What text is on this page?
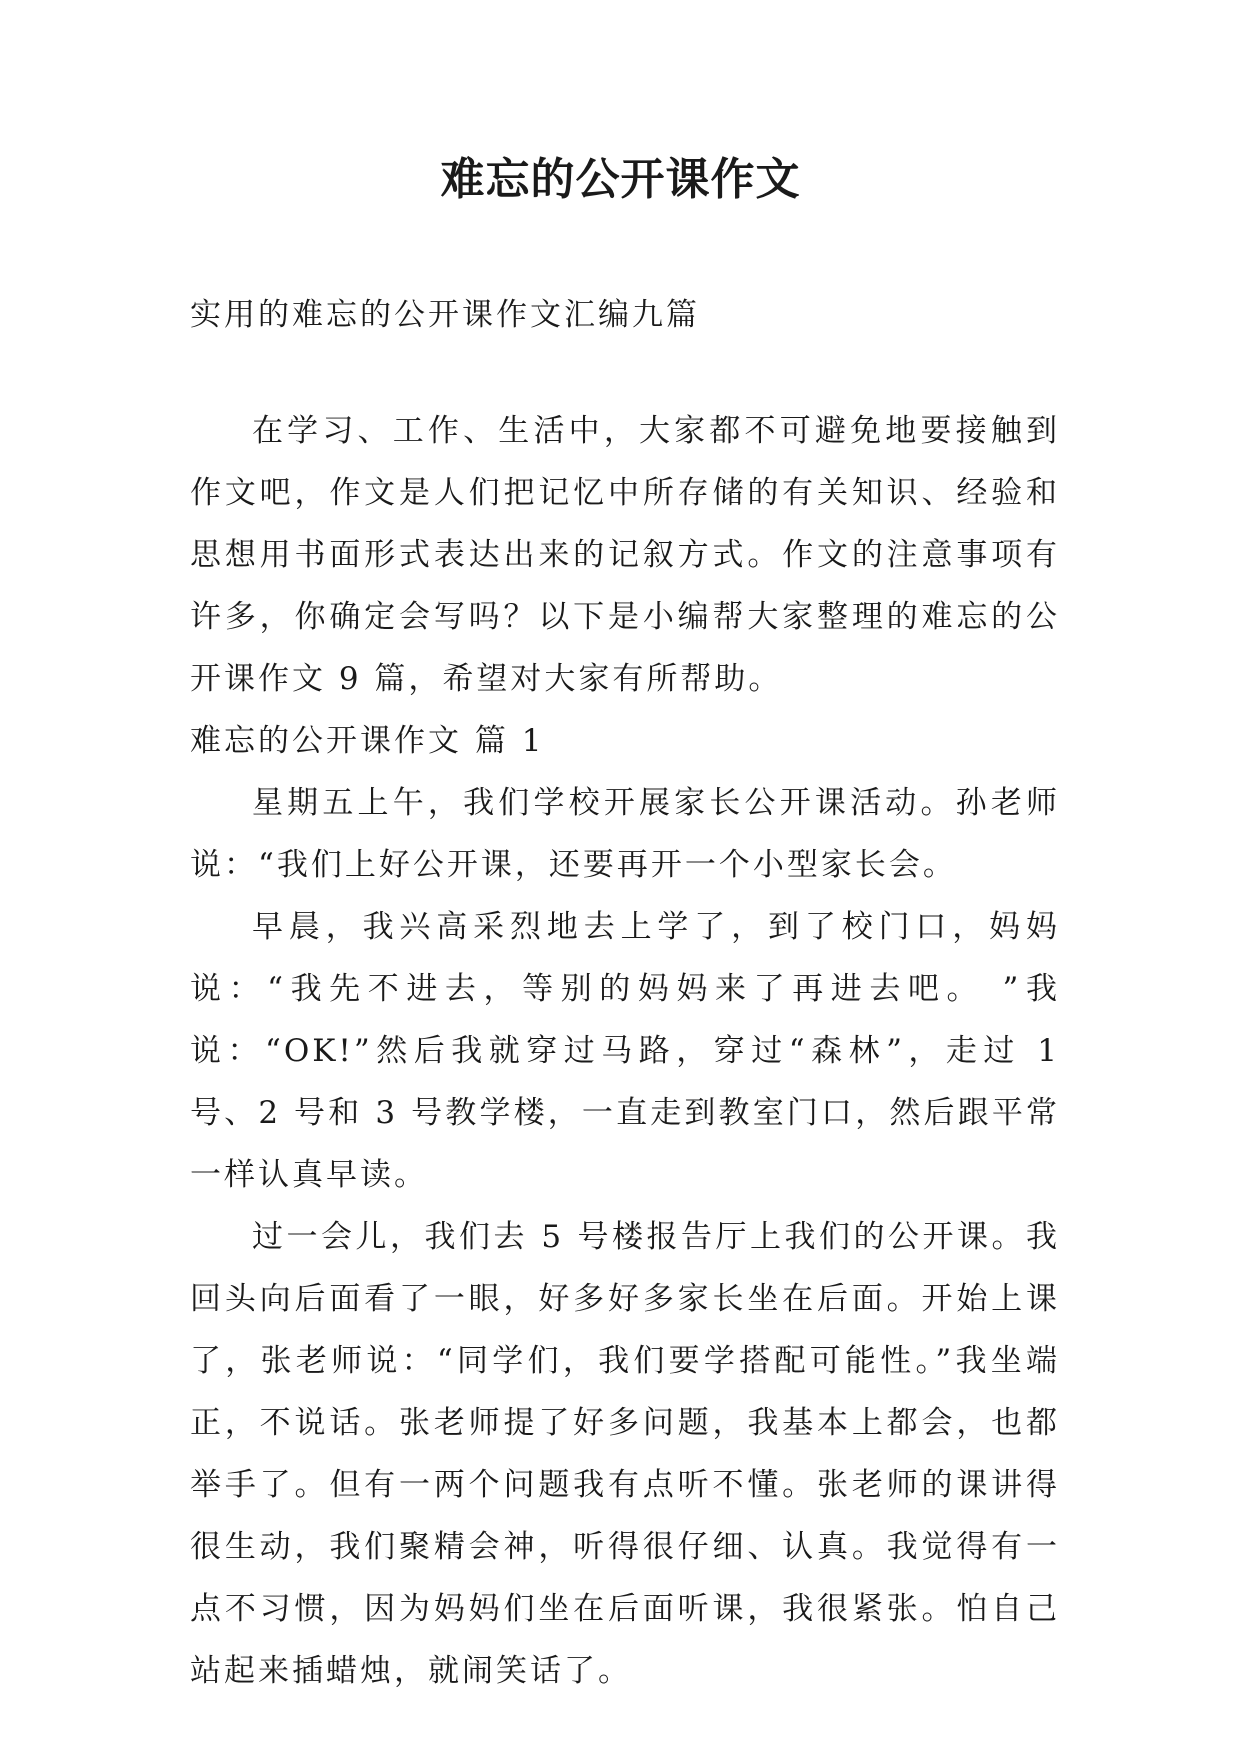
难忘的公开课作文
实用的难忘的公开课作文汇编九篇

在学习、工作、生活中，大家都不可避免地要接触到作文吧，作文是人们把记忆中所存储的有关知识、经验和思想用书面形式表达出来的记叙方式。作文的注意事项有许多，你确定会写吗？以下是小编帮大家整理的难忘的公开课作文 9 篇，希望对大家有所帮助。

难忘的公开课作文 篇 1

星期五上午，我们学校开展家长公开课活动。孙老师说：“我们上好公开课，还要再开一个小型家长会。

早晨，我兴高采烈地去上学了，到了校门口，妈妈说：“我先不进去，等别的妈妈来了再进去吧。 ”我说：“OK!”然后我就穿过马路，穿过“森林”，走过 1 号、2 号和 3 号教学楼，一直走到教室门口，然后跟平常一样认真早读。

过一会儿，我们去 5 号楼报告厅上我们的公开课。我回头向后面看了一眼，好多好多家长坐在后面。开始上课了，张老师说：“同学们，我们要学搭配可能性。”我坐端正，不说话。张老师提了好多问题，我基本上都会，也都举手了。但有一两个问题我有点听不懂。张老师的课讲得很生动，我们聚精会神，听得很仔细、认真。我觉得有一点不习惯，因为妈妈们坐在后面听课，我很紧张。怕自己站起来插蜡烛，就闹笑话了。
